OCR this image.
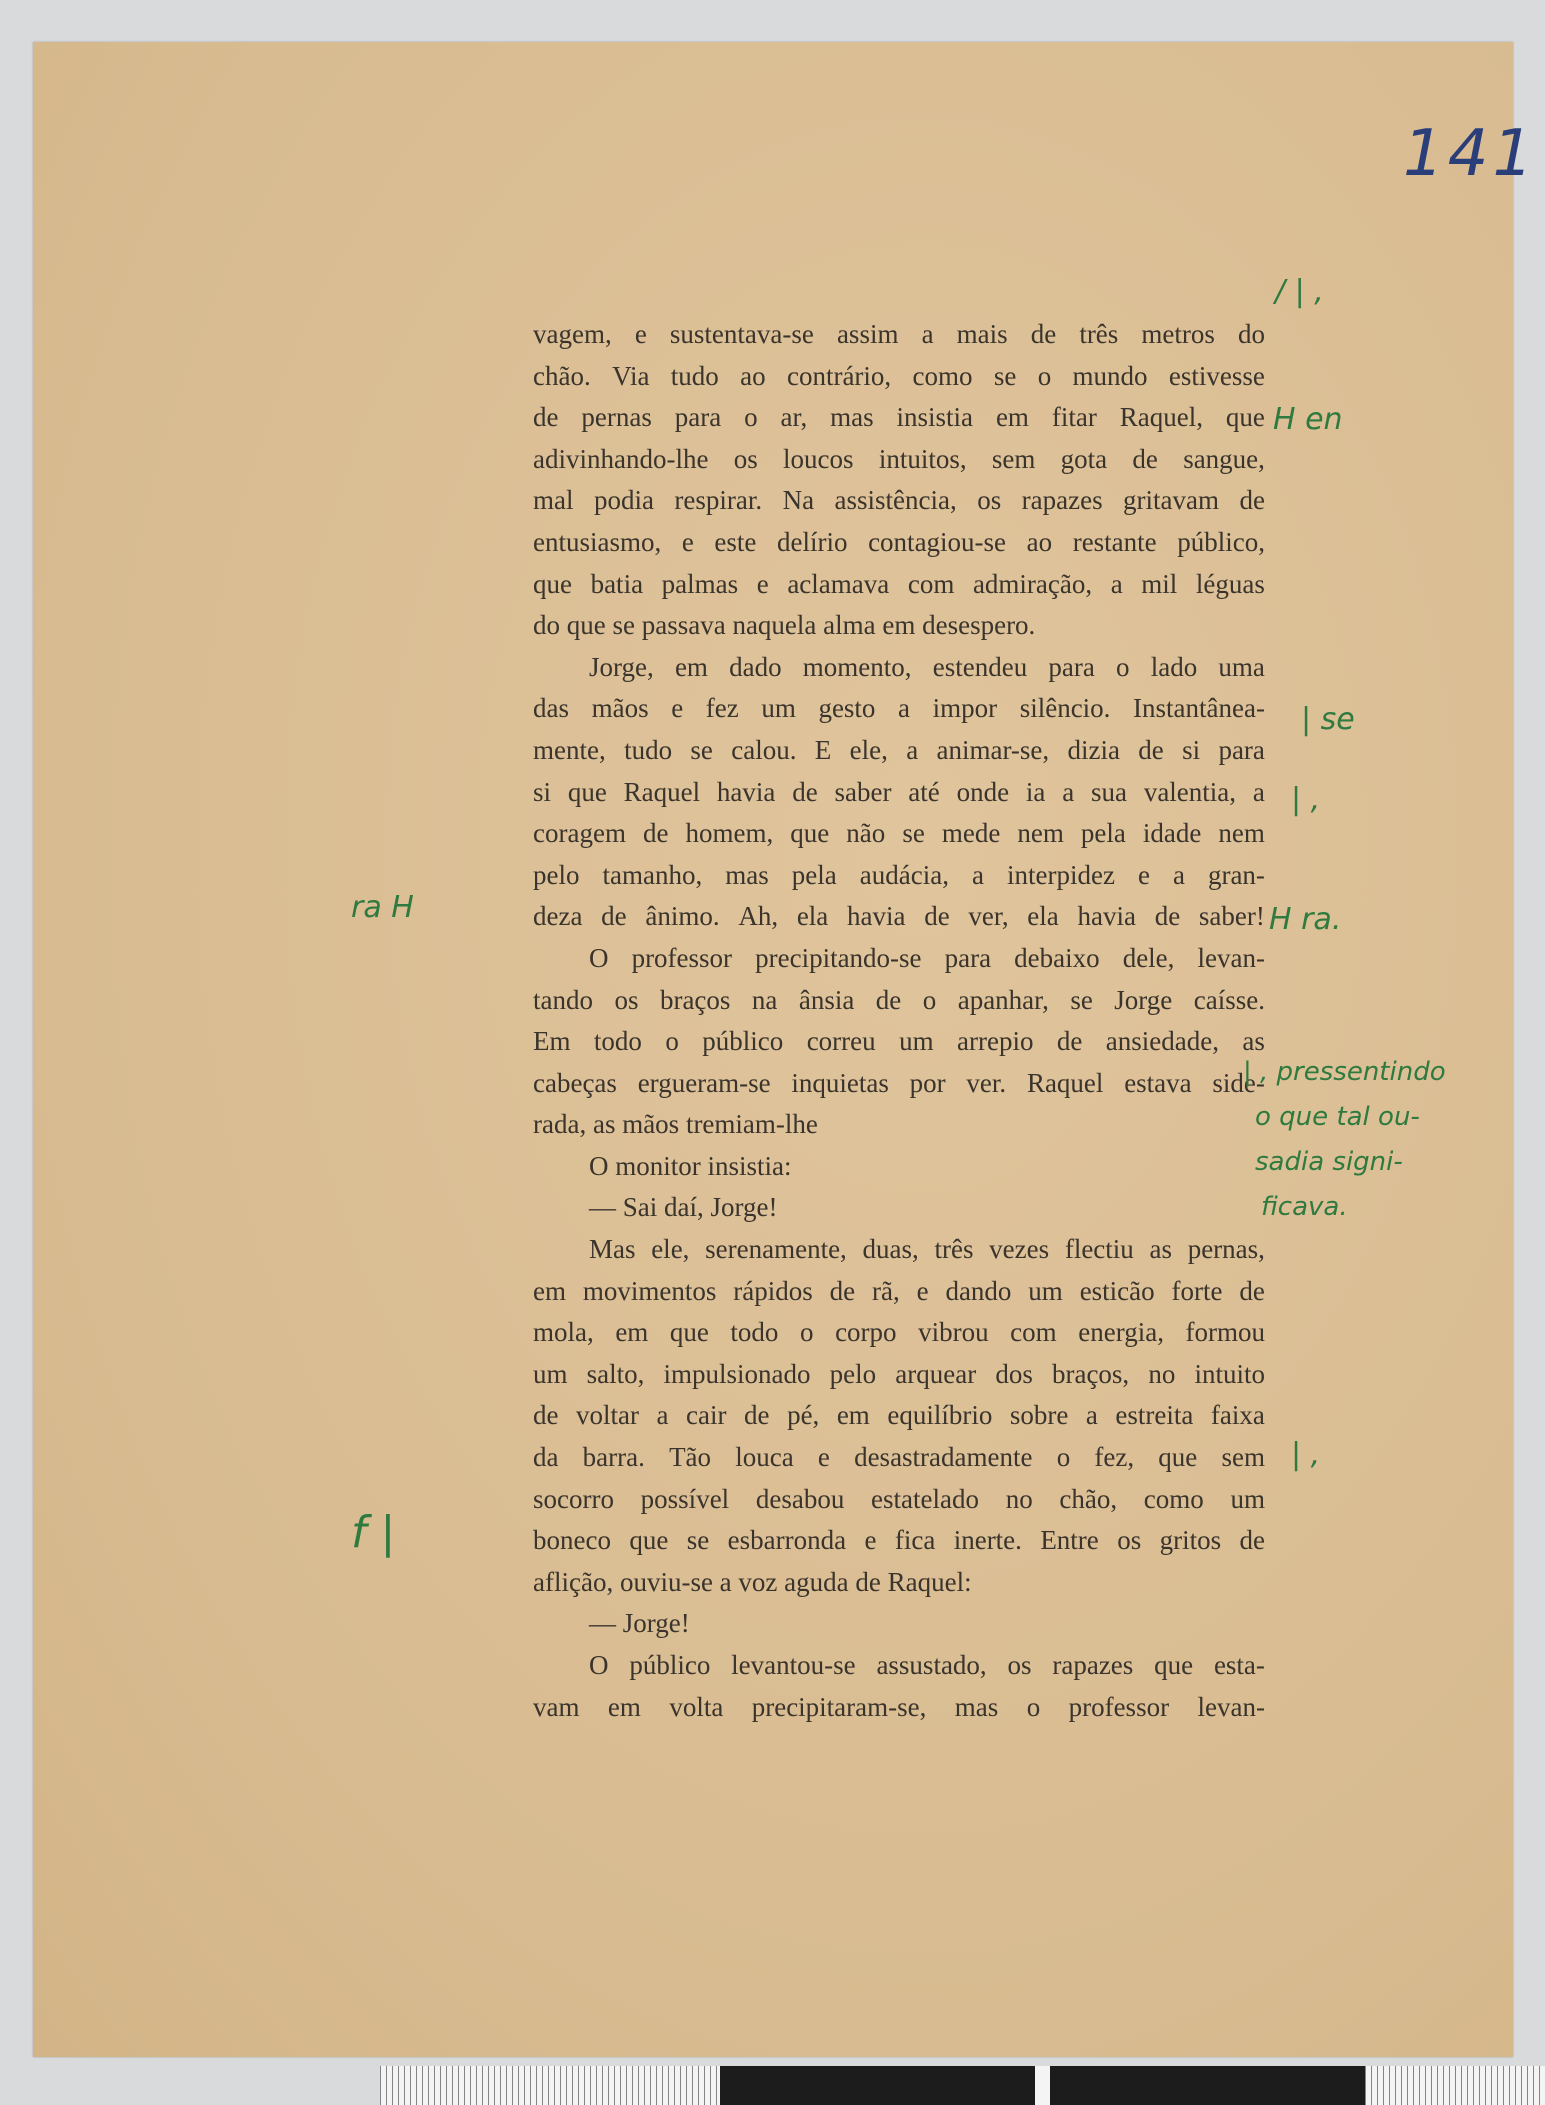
141
vagem, e sustentava-se assim a mais de três metros do
chão. Via tudo ao contrário, como se o mundo estivesse
de pernas para o ar, mas insistia em fitar Raquel, que
adivinhando-lhe os loucos intuitos, sem gota de sangue,
mal podia respirar. Na assistência, os rapazes gritavam de
entusiasmo, e este delírio contagiou-se ao restante público,
que batia palmas e aclamava com admiração, a mil léguas
do que se passava naquela alma em desespero.
Jorge, em dado momento, estendeu para o lado uma
das mãos e fez um gesto a impor silêncio. Instantânea-
mente, tudo se calou. E ele, a animar-se, dizia de si para
si que Raquel havia de saber até onde ia a sua valentia, a
coragem de homem, que não se mede nem pela idade nem
pelo tamanho, mas pela audácia, a interpidez e a gran-
deza de ânimo. Ah, ela havia de ver, ela havia de saber!
O professor precipitando-se para debaixo dele, levan-
tando os braços na ânsia de o apanhar, se Jorge caísse.
Em todo o público correu um arrepio de ansiedade, as
cabeças ergueram-se inquietas por ver. Raquel estava side-
rada, as mãos tremiam-lhe
O monitor insistia:
— Sai daí, Jorge!
Mas ele, serenamente, duas, três vezes flectiu as pernas,
em movimentos rápidos de rã, e dando um esticão forte de
mola, em que todo o corpo vibrou com energia, formou
um salto, impulsionado pelo arquear dos braços, no intuito
de voltar a cair de pé, em equilíbrio sobre a estreita faixa
da barra. Tão louca e desastradamente o fez, que sem
socorro possível desabou estatelado no chão, como um
boneco que se esbarronda e fica inerte. Entre os gritos de
aflição, ouviu-se a voz aguda de Raquel:
— Jorge!
O público levantou-se assustado, os rapazes que esta-
vam em volta precipitaram-se, mas o professor levan-
/ | ,
H en
| se
| ,
H ra.
ra H
| , pressentindo
o que tal ou-
sadia signi-
ficava.
| ,
f |
